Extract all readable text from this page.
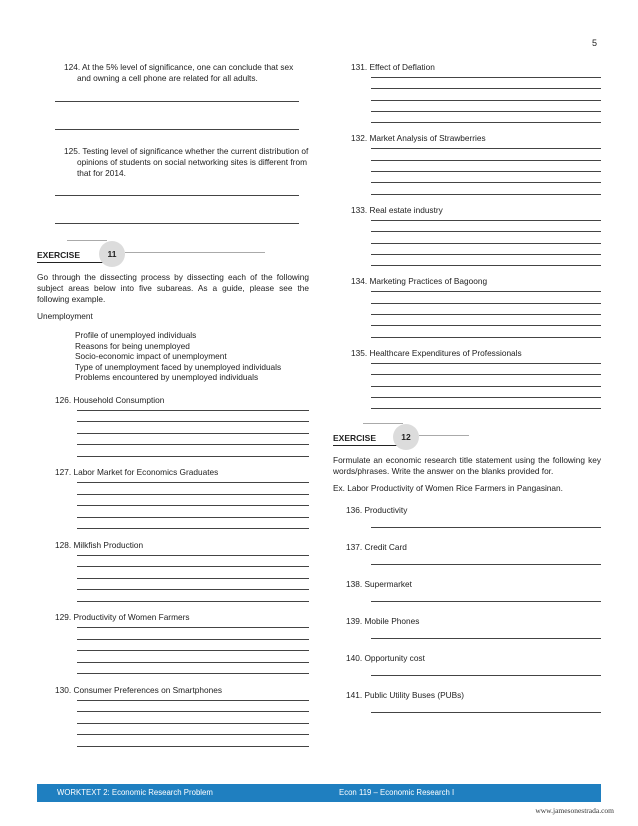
5

124. At the 5% level of significance, one can conclude that sex and owning a cell phone are related for all adults.

125. Testing level of significance whether the current distribution of opinions of students on social networking sites is different from that for 2014.

EXERCISE	11

Go through the dissecting process by dissecting each of the following subject areas below into five subareas. As a guide, please see the following example.

Unemployment

Profile of unemployed individuals

Reasons for being unemployed

Socio-economic impact of unemployment

Type of unemployment faced by unemployed individuals

Problems encountered by unemployed individuals

126. Household Consumption

127. Labor Market for Economics Graduates

128. Milkfish Production

129. Productivity of Women Farmers

130. Consumer Preferences on Smartphones

131. Effect of Deflation

132. Market Analysis of Strawberries

133. Real estate industry

134. Marketing Practices of Bagoong

135. Healthcare Expenditures of Professionals

EXERCISE	12

Formulate an economic research title statement using the following key words/phrases. Write the answer on the blanks provided for.

Ex. Labor Productivity of Women Rice Farmers in Pangasinan.

136. Productivity

137. Credit Card

138. Supermarket

139. Mobile Phones

140. Opportunity cost

141. Public Utility Buses (PUBs)

WORKTEXT 2: Economic Research Problem	Econ 119 – Economic Research I
www.jamesonestrada.com
